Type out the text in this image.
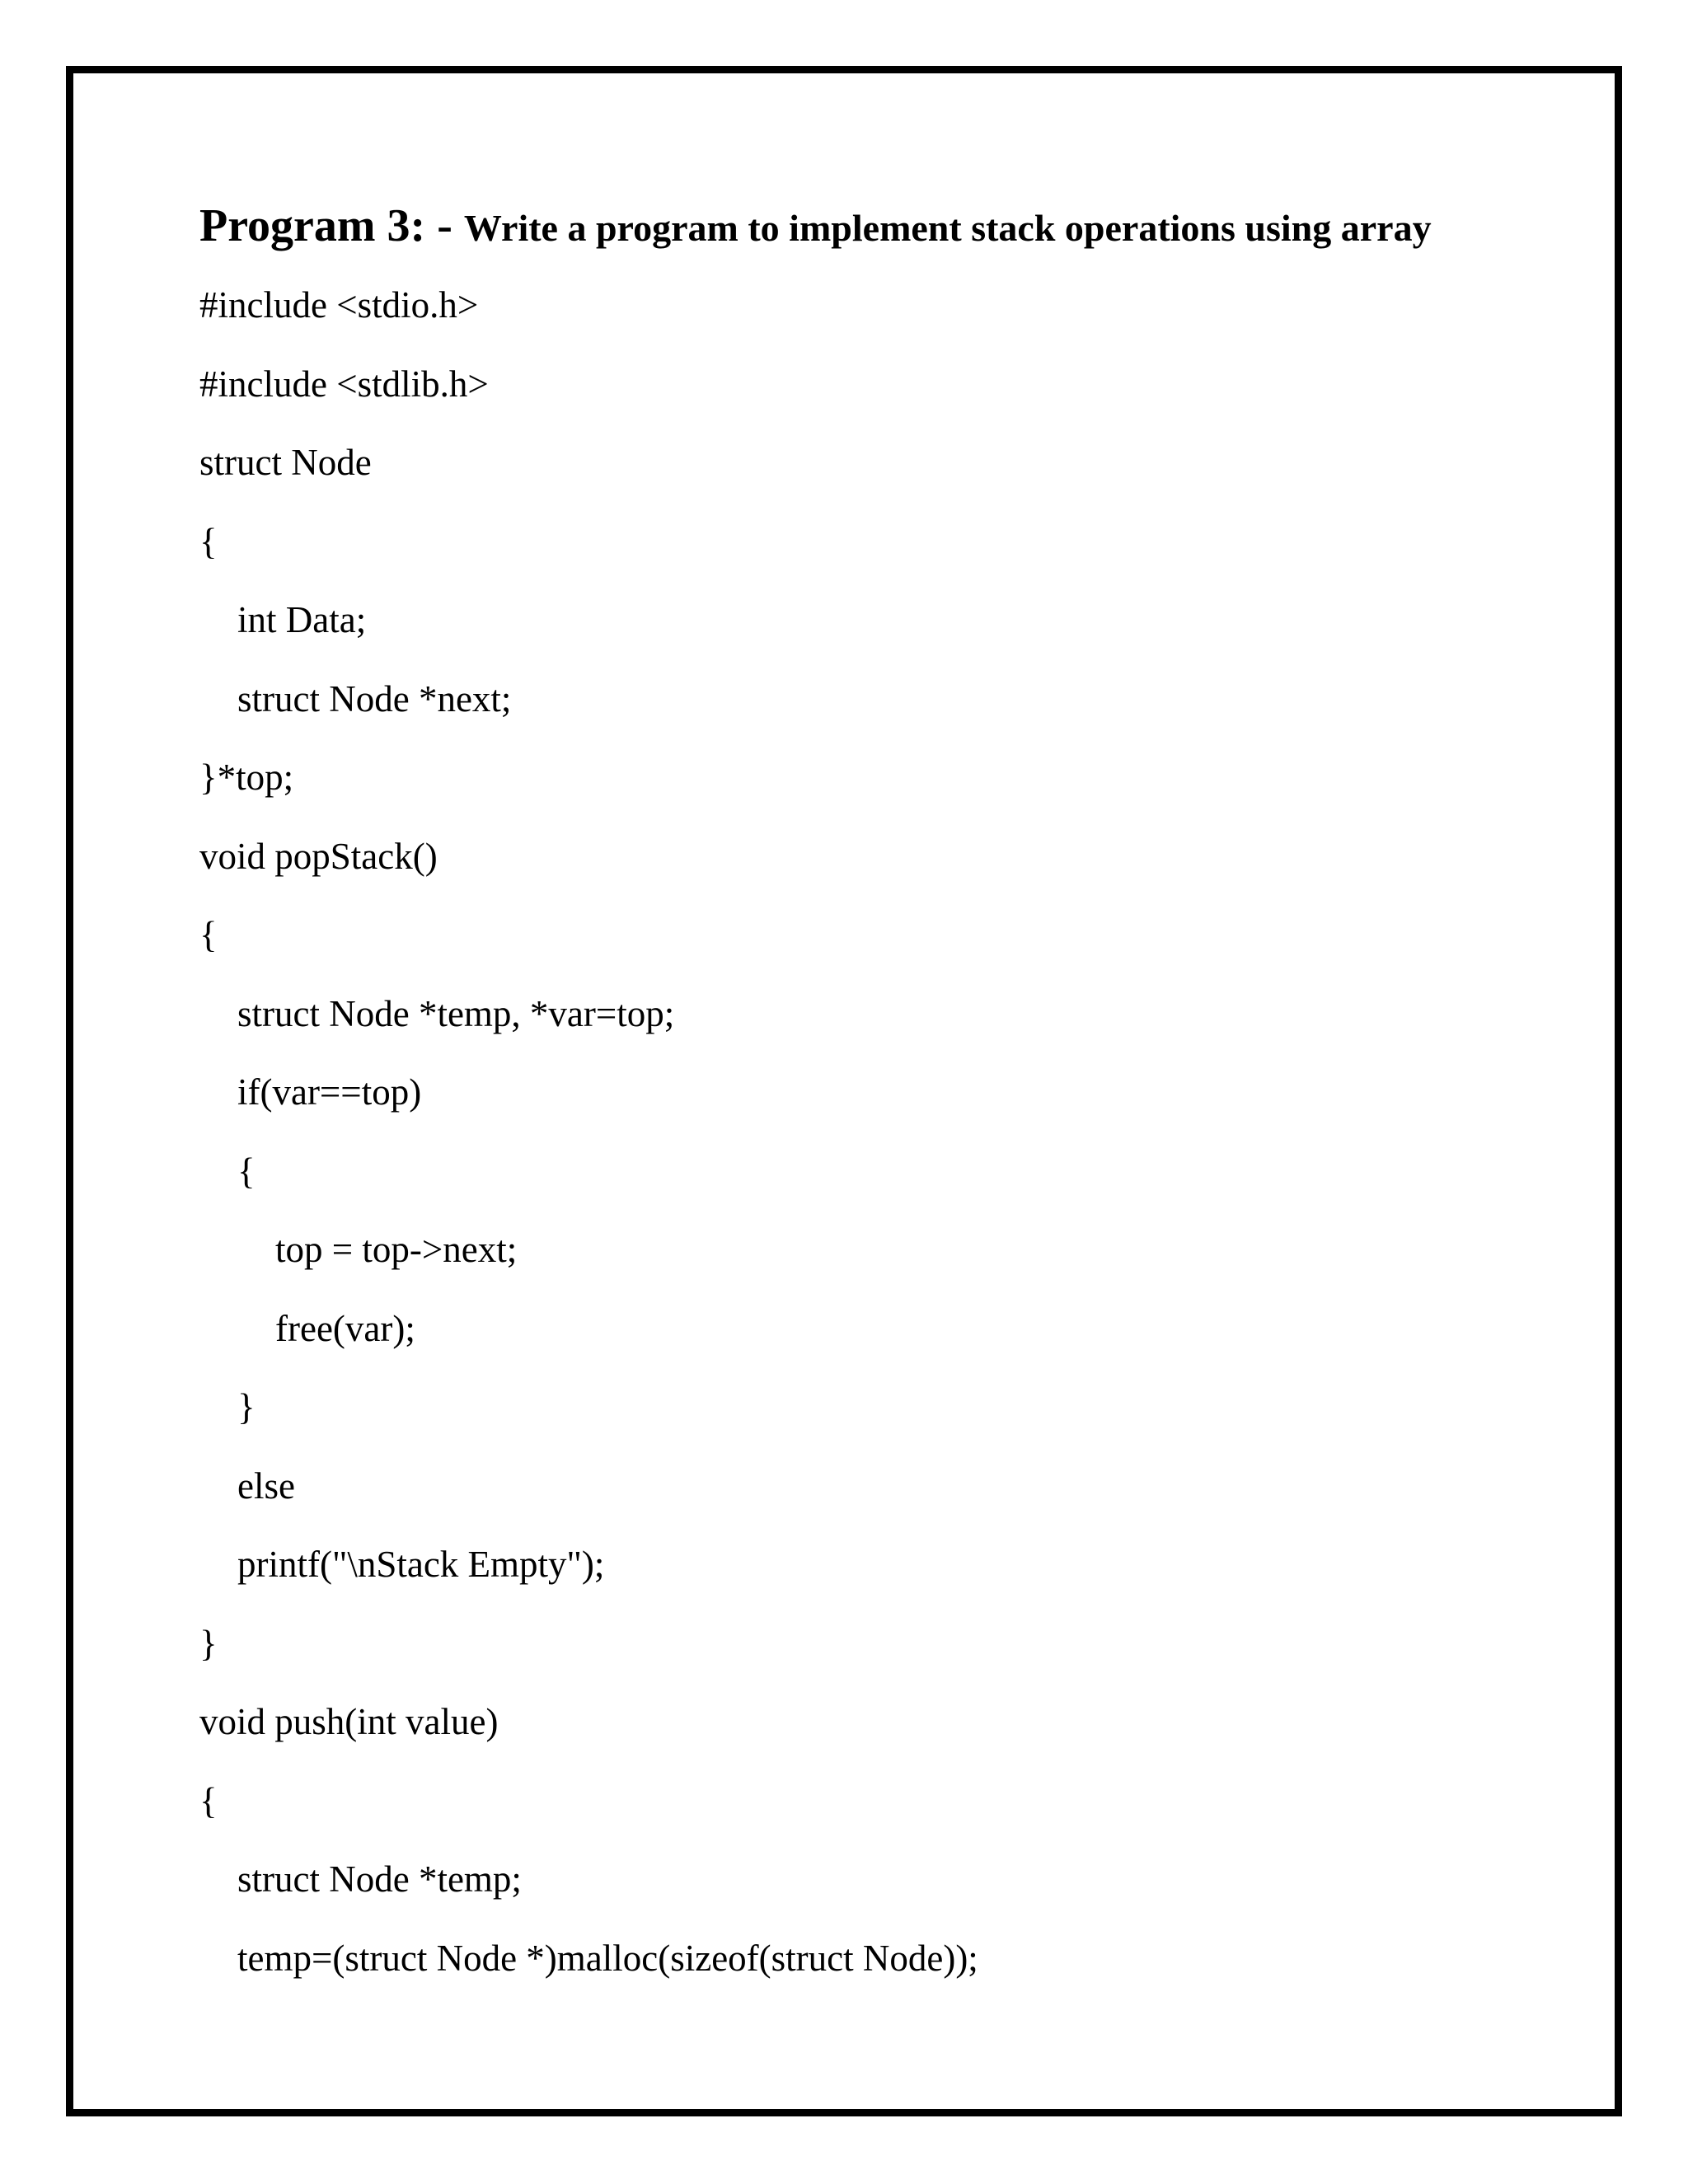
Program 3: - Write a program to implement stack operations using array
#include <stdio.h>
#include <stdlib.h>
struct Node
{
int Data;
struct Node *next;
}*top;
void popStack()
{
struct Node *temp, *var=top;
if(var==top)
{
top = top->next;
free(var);
}
else
printf("\nStack Empty");
}
void push(int value)
{
struct Node *temp;
temp=(struct Node *)malloc(sizeof(struct Node));
